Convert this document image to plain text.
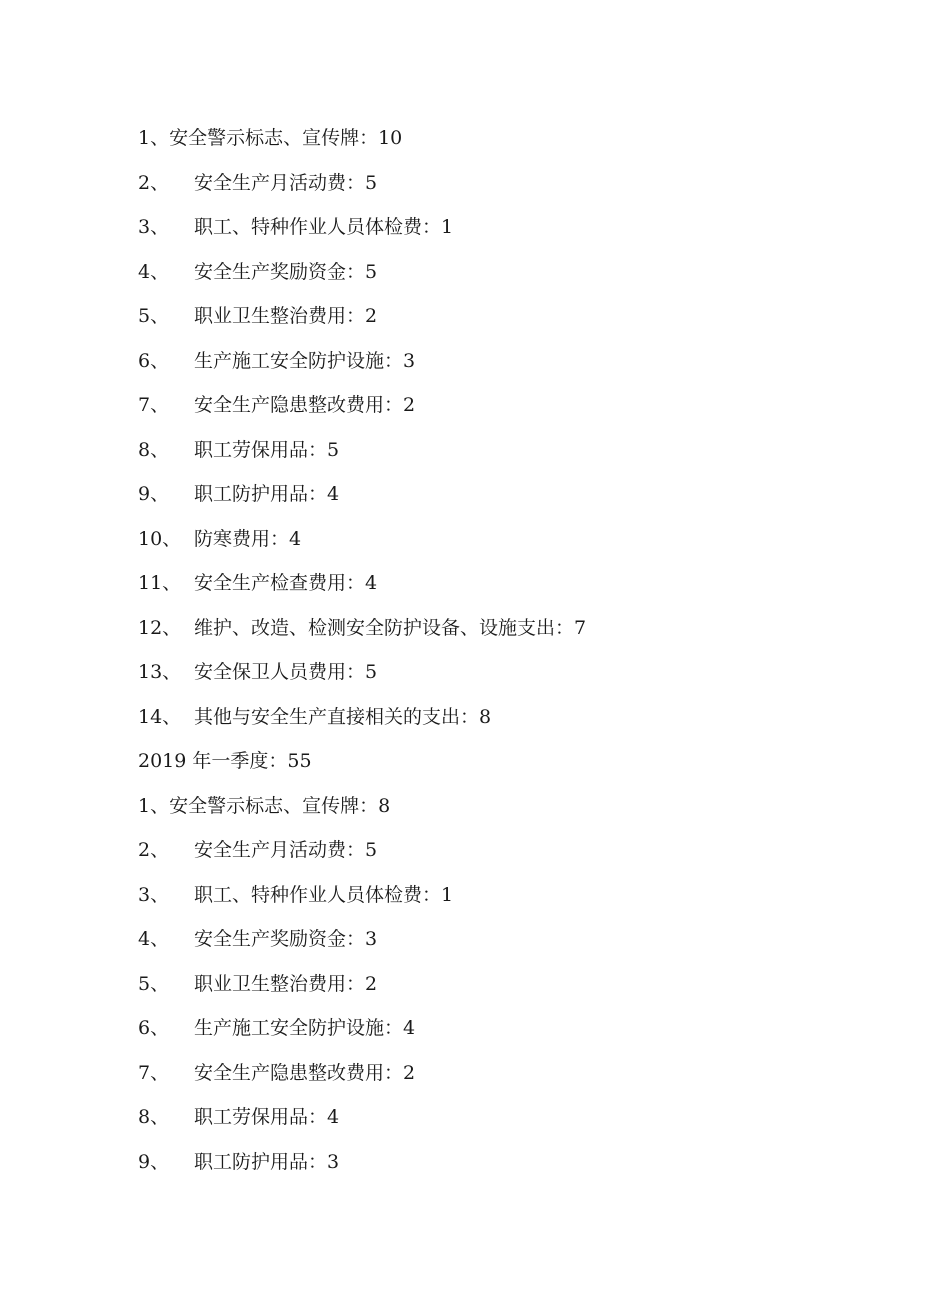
1、 安全警示标志、宣传牌：10
2、	安全生产月活动费：5
3、	职工、特种作业人员体检费：1
4、	安全生产奖励资金：5
5、	职业卫生整治费用：2
6、	生产施工安全防护设施：3
7、	安全生产隐患整改费用：2
8、	职工劳保用品：5
9、	职工防护用品：4
10、 防寒费用：4
11、 安全生产检查费用：4
12、 维护、改造、检测安全防护设备、设施支出：7
13、 安全保卫人员费用：5
14、 其他与安全生产直接相关的支出：8
2019 年一季度：55
1、 安全警示标志、宣传牌：8
2、	安全生产月活动费：5
3、	职工、特种作业人员体检费：1
4、	安全生产奖励资金：3
5、	职业卫生整治费用：2
6、	生产施工安全防护设施：4
7、	安全生产隐患整改费用：2
8、	职工劳保用品：4
9、	职工防护用品：3
